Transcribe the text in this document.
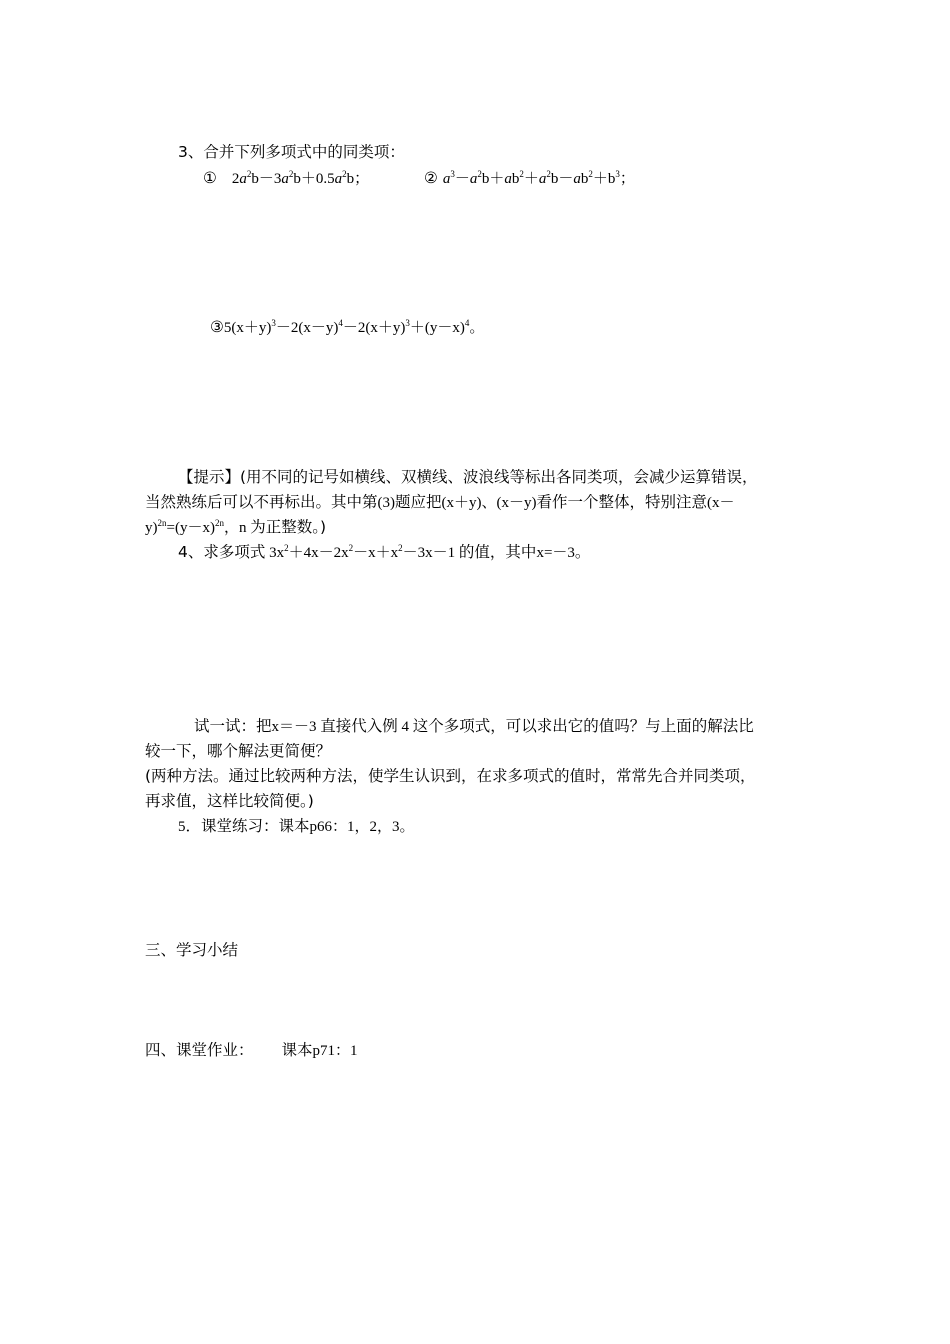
3、合并下列多项式中的同类项：
① $2a^2b-3a^2b+0.5a^2b$；	② $a^3-a^2b+ab^2+a^2b-ab^2+b^3$；
$③5(x+y)^3-2(x-y)^4-2(x+y)^3+(y-x)^4$。
【提示】(用不同的记号如横线、双横线、波浪线等标出各同类项，会减少运算错误，
当然熟练后可以不再标出。其中第(3)题应把(x＋y)、(x－y)看作一个整体，特别注意(x－
$y)^{2n}=(y-x)^{2n}$，n 为正整数。)
4、求多项式 $3x^2+4x-2x^2-x+x^2-3x-1$ 的值，其中x=－3。
试一试：把x＝－3 直接代入例 4 这个多项式，可以求出它的值吗？与上面的解法比
较一下，哪个解法更简便？
(两种方法。通过比较两种方法，使学生认识到，在求多项式的值时，常常先合并同类项，
再求值，这样比较简便。)
5．课堂练习：课本p66：1，2，3。
三、学习小结
四、课堂作业： 课本p71：1
